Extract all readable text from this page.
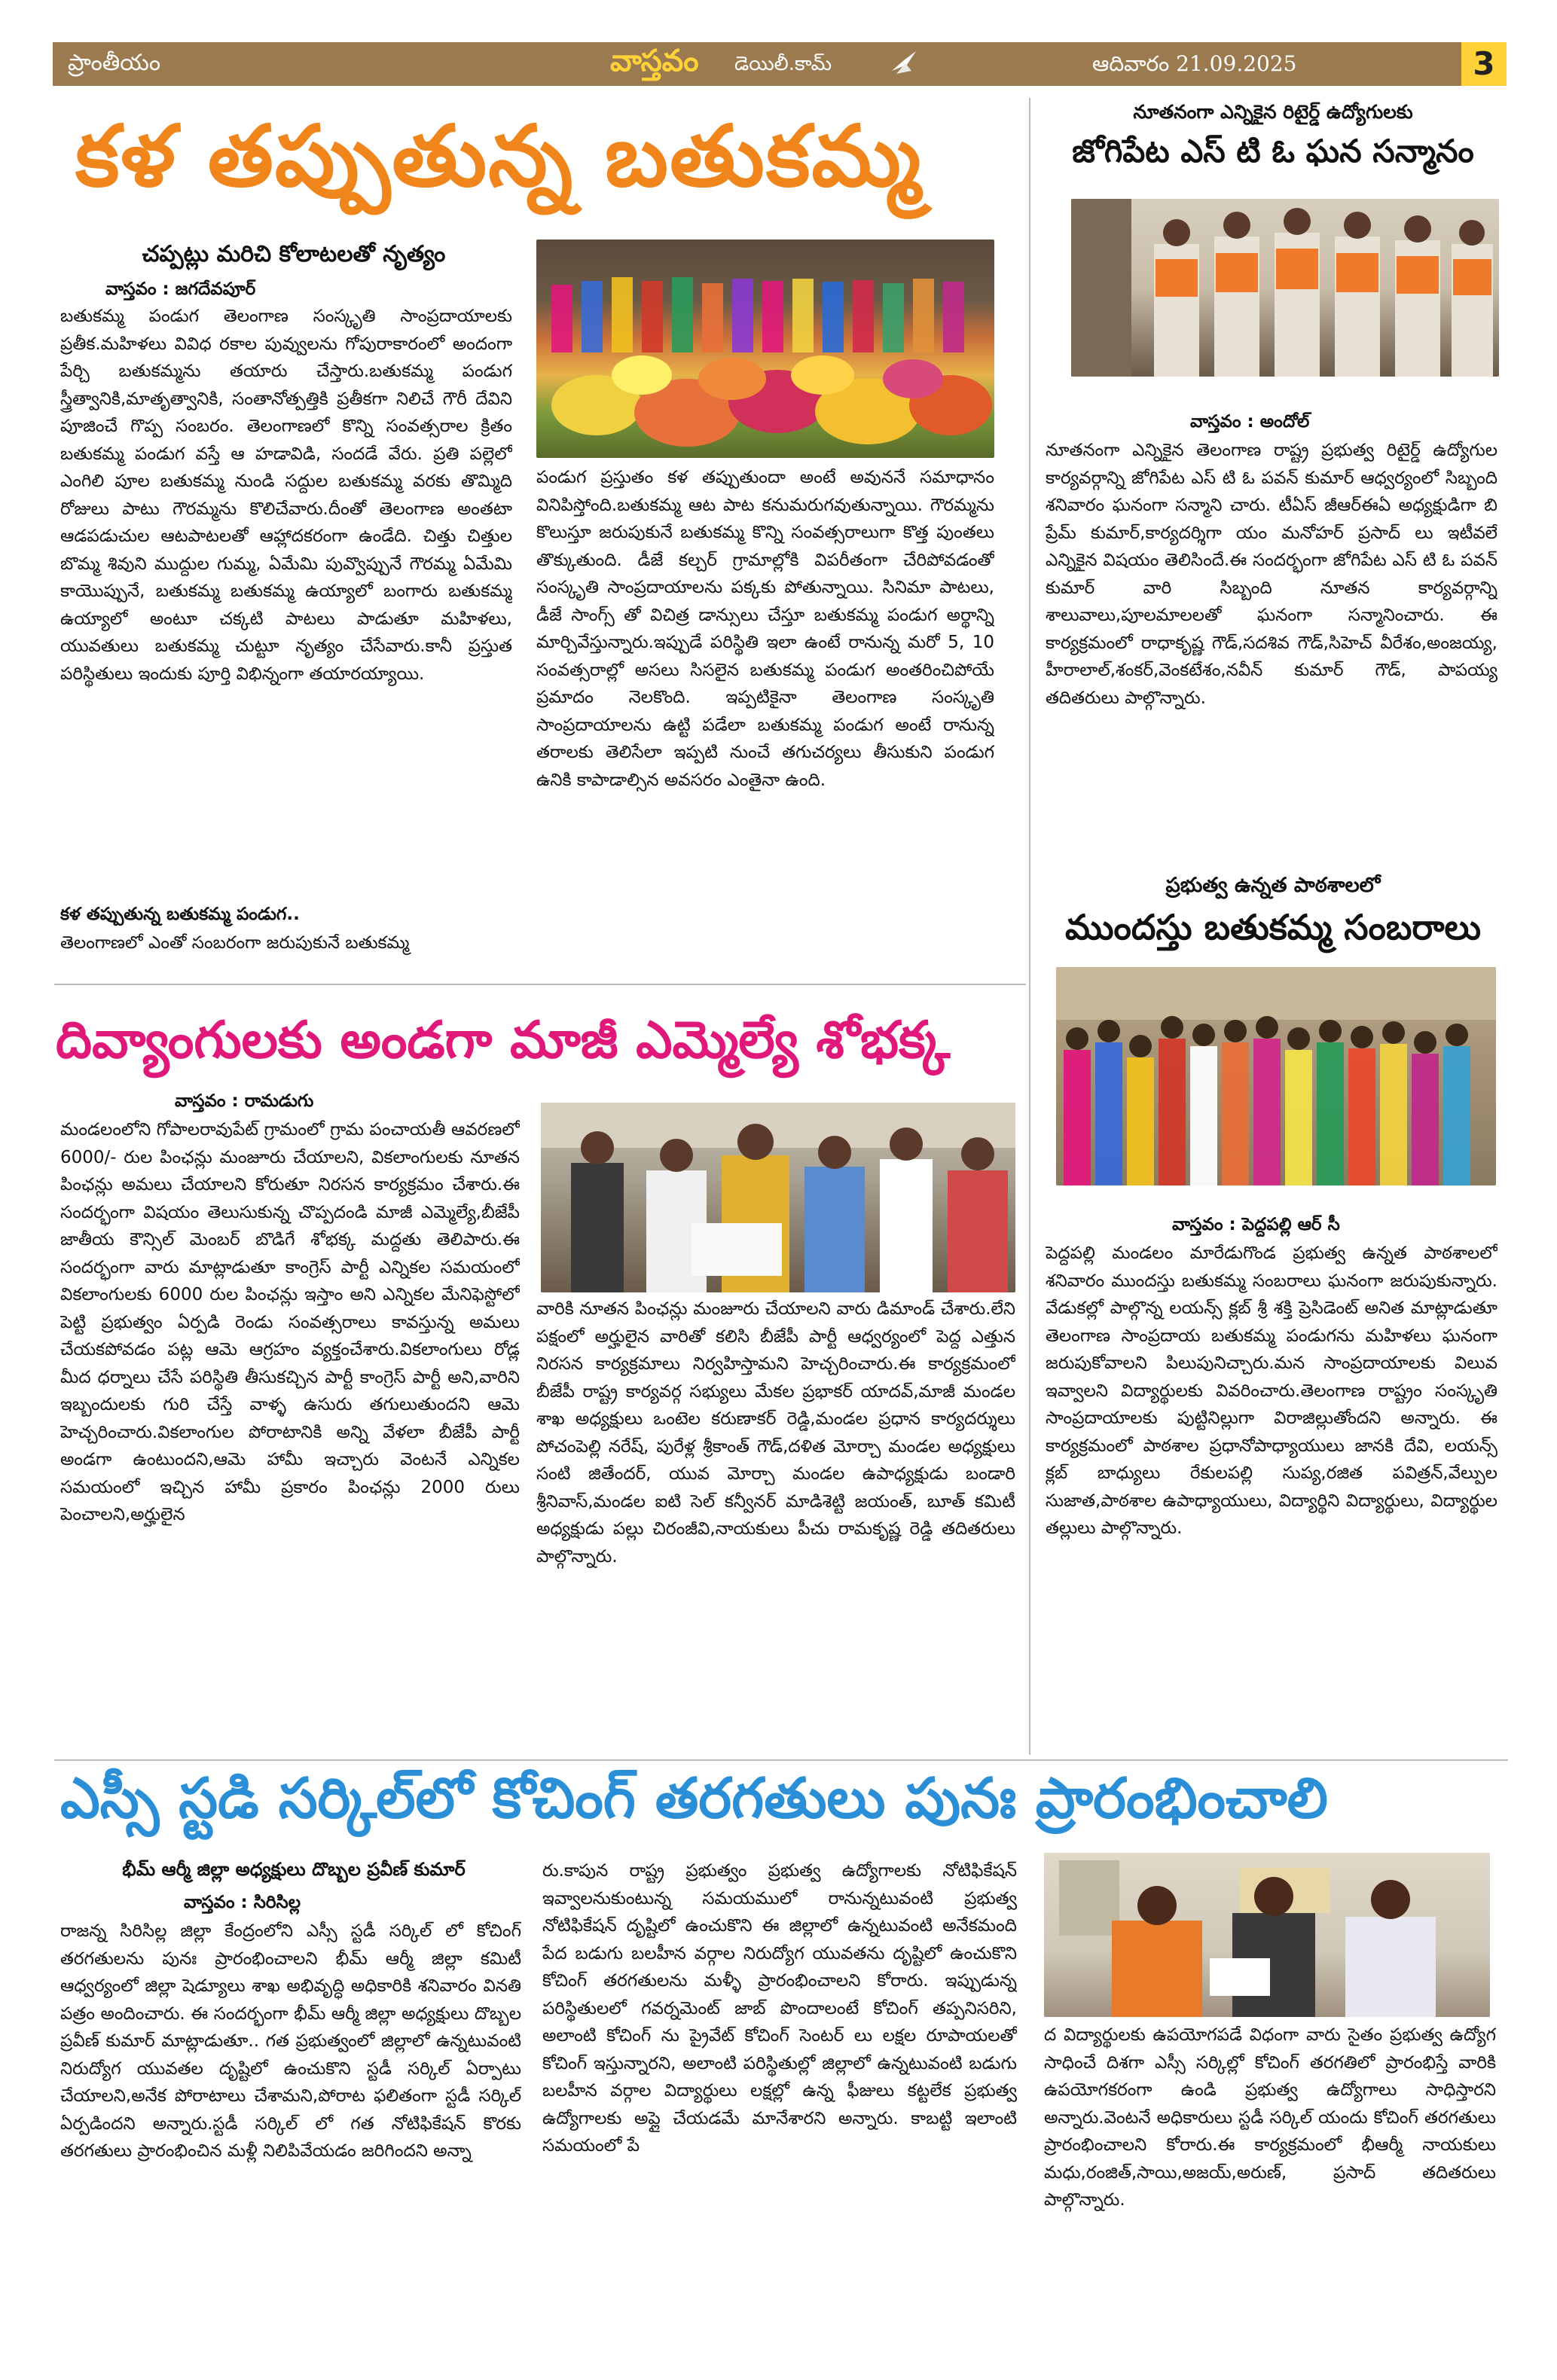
ప్రాంతీయం	వాస్తవం డెయిలీ.కామ్	ఆదివారం 21.09.2025	3
కళ తప్పుతున్న బతుకమ్మ
చప్పట్లు మరిచి కోలాటలతో నృత్యం
వాస్తవం : జగదేవపూర్
బతుకమ్మ పండుగ తెలంగాణ సంస్కృతి సాంప్రదాయాలకు ప్రతీక.మహిళలు వివిధ రకాల పువ్వులను గోపురాకారంలో అందంగా పేర్చి బతుకమ్మను తయారు చేస్తారు.బతుకమ్మ పండుగ స్త్రీత్వానికి,మాతృత్వానికి, సంతానోత్పత్తికి ప్రతీకగా నిలిచే గౌరీ దేవిని పూజించే గొప్ప సంబరం. తెలంగాణలో కొన్ని సంవత్సరాల క్రితం బతుకమ్మ పండుగ వస్తే ఆ హడావిడి, సందడే వేరు. ప్రతి పల్లెలో ఎంగిలి పూల బతుకమ్మ నుండి సద్దుల బతుకమ్మ వరకు తొమ్మిది రోజులు పాటు గౌరమ్మను కొలిచేవారు.దీంతో తెలంగాణ అంతటా ఆడపడుచుల ఆటపాటలతో ఆహ్లాదకరంగా ఉండేది. చిత్తు చిత్తుల బొమ్మ శివుని ముద్దుల గుమ్మ, ఏమేమి పువ్వొప్పునే గౌరమ్మ ఏమేమి కాయొప్పునే, బతుకమ్మ బతుకమ్మ ఉయ్యాలో బంగారు బతుకమ్మ ఉయ్యాలో అంటూ చక్కటి పాటలు పాడుతూ మహిళలు, యువతులు బతుకమ్మ చుట్టూ నృత్యం చేసేవారు.కానీ ప్రస్తుత పరిస్థితులు ఇందుకు పూర్తి విభిన్నంగా తయారయ్యాయి.
కళ తప్పుతున్న బతుకమ్మ పండుగ..
తెలంగాణలో ఎంతో సంబరంగా జరుపుకునే బతుకమ్మ
పండుగ ప్రస్తుతం కళ తప్పుతుందా అంటే అవుననే సమాధానం వినిపిస్తోంది.బతుకమ్మ ఆట పాట కనుమరుగవుతున్నాయి. గౌరమ్మను కొలుస్తూ జరుపుకునే బతుకమ్మ కొన్ని సంవత్సరాలుగా కొత్త పుంతలు తొక్కుతుంది. డీజే కల్చర్ గ్రామాల్లోకి విపరీతంగా చేరిపోవడంతో సంస్కృతి సాంప్రదాయాలను పక్కకు పోతున్నాయి. సినిమా పాటలు, డీజే సాంగ్స్ తో విచిత్ర డాన్సులు చేస్తూ బతుకమ్మ పండుగ అర్థాన్ని మార్చివేస్తున్నారు.ఇప్పుడే పరిస్థితి ఇలా ఉంటే రానున్న మరో 5, 10 సంవత్సరాల్లో అసలు సిసలైన బతుకమ్మ పండుగ అంతరించిపోయే ప్రమాదం నెలకొంది. ఇప్పటికైనా తెలంగాణ సంస్కృతి సాంప్రదాయాలను ఉట్టి పడేలా బతుకమ్మ పండుగ అంటే రానున్న తరాలకు తెలిసేలా ఇప్పటి నుంచే తగుచర్యలు తీసుకుని పండుగ ఉనికి కాపాడాల్సిన అవసరం ఎంతైనా ఉంది.
నూతనంగా ఎన్నికైన రిటైర్డ్ ఉద్యోగులకు
జోగిపేట ఎస్ టి ఓ ఘన సన్మానం
వాస్తవం : అందోల్
నూతనంగా ఎన్నికైన తెలంగాణ రాష్ట్ర ప్రభుత్వ రిటైర్డ్ ఉద్యోగుల కార్యవర్గాన్ని జోగిపేట ఎస్ టి ఓ పవన్ కుమార్ ఆధ్వర్యంలో సిబ్బంది శనివారం ఘనంగా సన్మాని చారు. టీఏస్ జీఆర్ఈఏ అధ్యక్షుడిగా బి ప్రేమ్ కుమార్,కార్యదర్శిగా యం మనోహర్ ప్రసాద్ లు ఇటీవలే ఎన్నికైన విషయం తెలిసిందే.ఈ సందర్భంగా జోగిపేట ఎస్ టి ఓ పవన్ కుమార్ వారి సిబ్బంది నూతన కార్యవర్గాన్ని శాలువాలు,పూలమాలలతో ఘనంగా సన్మానించారు. ఈ కార్యక్రమంలో రాధాకృష్ణ గౌడ్,సదశివ గౌడ్,సిహెచ్ వీరేశం,అంజయ్య, హీరాలాల్,శంకర్,వెంకటేశం,నవీన్ కుమార్ గౌడ్, పాపయ్య తదితరులు పాల్గొన్నారు.
ప్రభుత్వ ఉన్నత పాఠశాలలో
ముందస్తు బతుకమ్మ సంబరాలు
వాస్తవం : పెద్దపల్లి ఆర్ సీ
పెద్దపల్లి మండలం మారేడుగొండ ప్రభుత్వ ఉన్నత పాఠశాలలో శనివారం ముందస్తు బతుకమ్మ సంబరాలు ఘనంగా జరుపుకున్నారు. వేడుకల్లో పాల్గొన్న లయన్స్ క్లబ్ శ్రీ శక్తి ప్రెసిడెంట్ అనిత మాట్లాడుతూ తెలంగాణ సాంప్రదాయ బతుకమ్మ పండుగను మహిళలు ఘనంగా జరుపుకోవాలని పిలుపునిచ్చారు.మన సాంప్రదాయాలకు విలువ ఇవ్వాలని విద్యార్థులకు వివరించారు.తెలంగాణ రాష్ట్రం సంస్కృతి సాంప్రదాయాలకు పుట్టినిల్లుగా విరాజిల్లుతోందని అన్నారు. ఈ కార్యక్రమంలో పాఠశాల ప్రధానోపాధ్యాయులు జానకి దేవి, లయన్స్ క్లబ్ బాధ్యులు రేకులపల్లి సుప్య,రజిత పవిత్రన్,వేల్పుల సుజాత,పాఠశాల ఉపాధ్యాయులు, విద్యార్థిని విద్యార్థులు, విద్యార్థుల తల్లులు పాల్గొన్నారు.
దివ్యాంగులకు అండగా మాజీ ఎమ్మెల్యే శోభక్క
వాస్తవం : రామడుగు
మండలంలోని గోపాలరావుపేట్ గ్రామంలో గ్రామ పంచాయతీ ఆవరణలో 6000/- రుల పింఛన్లు మంజూరు చేయాలని, వికలాంగులకు నూతన పింఛన్లు అమలు చేయాలని కోరుతూ నిరసన కార్యక్రమం చేశారు.ఈ సందర్భంగా విషయం తెలుసుకున్న చొప్పదండి మాజీ ఎమ్మెల్యే,బీజేపీ జాతీయ కౌన్సిల్ మెంబర్ బొడిగే శోభక్క మద్దతు తెలిపారు.ఈ సందర్భంగా వారు మాట్లాడుతూ కాంగ్రెస్ పార్టీ ఎన్నికల సమయంలో వికలాంగులకు 6000 రుల పింఛన్లు ఇస్తాం అని ఎన్నికల మేనిఫెస్టోలో పెట్టి ప్రభుత్వం ఏర్పడి రెండు సంవత్సరాలు కావస్తున్న అమలు చేయకపోవడం పట్ల ఆమె ఆగ్రహం వ్యక్తంచేశారు.వికలాంగులు రోడ్ల మీద ధర్నాలు చేసే పరిస్థితి తీసుకచ్చిన పార్టీ కాంగ్రెస్ పార్టీ అని,వారిని ఇబ్బందులకు గురి చేస్తే వాళ్ళ ఉసురు తగులుతుందని ఆమె హెచ్చరించారు.వికలాంగుల పోరాటానికి అన్ని వేళలా బీజేపీ పార్టీ అండగా ఉంటుందని,ఆమె హామీ ఇచ్చారు వెంటనే ఎన్నికల సమయంలో ఇచ్చిన హామీ ప్రకారం పింఛన్లు 2000 రులు పెంచాలని,అర్హులైన
వారికి నూతన పింఛన్లు మంజూరు చేయాలని వారు డిమాండ్ చేశారు.లేని పక్షంలో అర్హులైన వారితో కలిసి బీజేపీ పార్టీ ఆధ్వర్యంలో పెద్ద ఎత్తున నిరసన కార్యక్రమాలు నిర్వహిస్తామని హెచ్చరించారు.ఈ కార్యక్రమంలో బీజేపీ రాష్ట్ర కార్యవర్గ సభ్యులు మేకల ప్రభాకర్ యాదవ్,మాజీ మండల శాఖ అధ్యక్షులు ఒంటెల కరుణాకర్ రెడ్డి,మండల ప్రధాన కార్యదర్శులు పోచంపెల్లి నరేష్, పురేళ్ల శ్రీకాంత్ గౌడ్,దళిత మోర్చా మండల అధ్యక్షులు సంటి జితేందర్, యువ మోర్చా మండల ఉపాధ్యక్షుడు బండారి శ్రీనివాస్,మండల ఐటి సెల్ కన్వీనర్ మాడిశెట్టి జయంత్, బూత్ కమిటీ అధ్యక్షుడు పల్లు చిరంజీవి,నాయకులు పీచు రామకృష్ణ రెడ్డి తదితరులు పాల్గొన్నారు.
ఎస్సీ స్టడి సర్కిల్‌లో కోచింగ్ తరగతులు పునః ప్రారంభించాలి
భీమ్ ఆర్మీ జిల్లా అధ్యక్షులు దొబ్బల ప్రవీణ్ కుమార్
వాస్తవం : సిరిసిల్ల
రాజన్న సిరిసిల్ల జిల్లా కేంద్రంలోని ఎస్సీ స్టడీ సర్కిల్ లో కోచింగ్ తరగతులను పునః ప్రారంభించాలని భీమ్ ఆర్మీ జిల్లా కమిటీ ఆధ్వర్యంలో జిల్లా షెడ్యూలు శాఖ అభివృద్ధి అధికారికి శనివారం వినతి పత్రం అందించారు. ఈ సందర్భంగా భీమ్ ఆర్మీ జిల్లా అధ్యక్షులు దొబ్బల ప్రవీణ్ కుమార్ మాట్లాడుతూ.. గత ప్రభుత్వంలో జిల్లాలో ఉన్నటువంటి నిరుద్యోగ యువతల దృష్టిలో ఉంచుకొని స్టడీ సర్కిల్ ఏర్పాటు చేయాలని,అనేక పోరాటాలు చేశామని,పోరాట ఫలితంగా స్టడీ సర్కిల్ ఏర్పడిందని అన్నారు.స్టడీ సర్కిల్ లో గత నోటిఫికేషన్ కొరకు తరగతులు ప్రారంభించిన మళ్లీ నిలిపివేయడం జరిగిందని అన్నా
రు.కాపున రాష్ట్ర ప్రభుత్వం ప్రభుత్వ ఉద్యోగాలకు నోటిఫికేషన్ ఇవ్వాలనుకుంటున్న సమయములో రానున్నటువంటి ప్రభుత్వ నోటిఫికేషన్ దృష్టిలో ఉంచుకొని ఈ జిల్లాలో ఉన్నటువంటి అనేకమంది పేద బడుగు బలహీన వర్గాల నిరుద్యోగ యువతను దృష్టిలో ఉంచుకొని కోచింగ్ తరగతులను మళ్ళీ ప్రారంభించాలని కోరారు. ఇప్పుడున్న పరిస్థితులలో గవర్నమెంట్ జాబ్ పొందాలంటే కోచింగ్ తప్పనిసరిని, అలాంటి కోచింగ్ ను ప్రైవేట్ కోచింగ్ సెంటర్ లు లక్షల రూపాయలతో కోచింగ్ ఇస్తున్నారని, అలాంటి పరిస్థితుల్లో జిల్లాలో ఉన్నటువంటి బడుగు బలహీన వర్గాల విద్యార్థులు లక్షల్లో ఉన్న ఫీజులు కట్టలేక ప్రభుత్వ ఉద్యోగాలకు అప్లై చేయడమే మానేశారని అన్నారు. కాబట్టి ఇలాంటి సమయంలో పే
ద విద్యార్థులకు ఉపయోగపడే విధంగా వారు సైతం ప్రభుత్వ ఉద్యోగ సాధించే దిశగా ఎస్సీ సర్కిల్లో కోచింగ్ తరగతిలో ప్రారంభిస్తే వారికి ఉపయోగకరంగా ఉండి ప్రభుత్వ ఉద్యోగాలు సాధిస్తారని అన్నారు.వెంటనే అధికారులు స్టడీ సర్కిల్ యందు కోచింగ్ తరగతులు ప్రారంభించాలని కోరారు.ఈ కార్యక్రమంలో భీఆర్మీ నాయకులు మధు,రంజిత్,సాయి,అజయ్,అరుణ్, ప్రసాద్ తదితరులు పాల్గొన్నారు.
